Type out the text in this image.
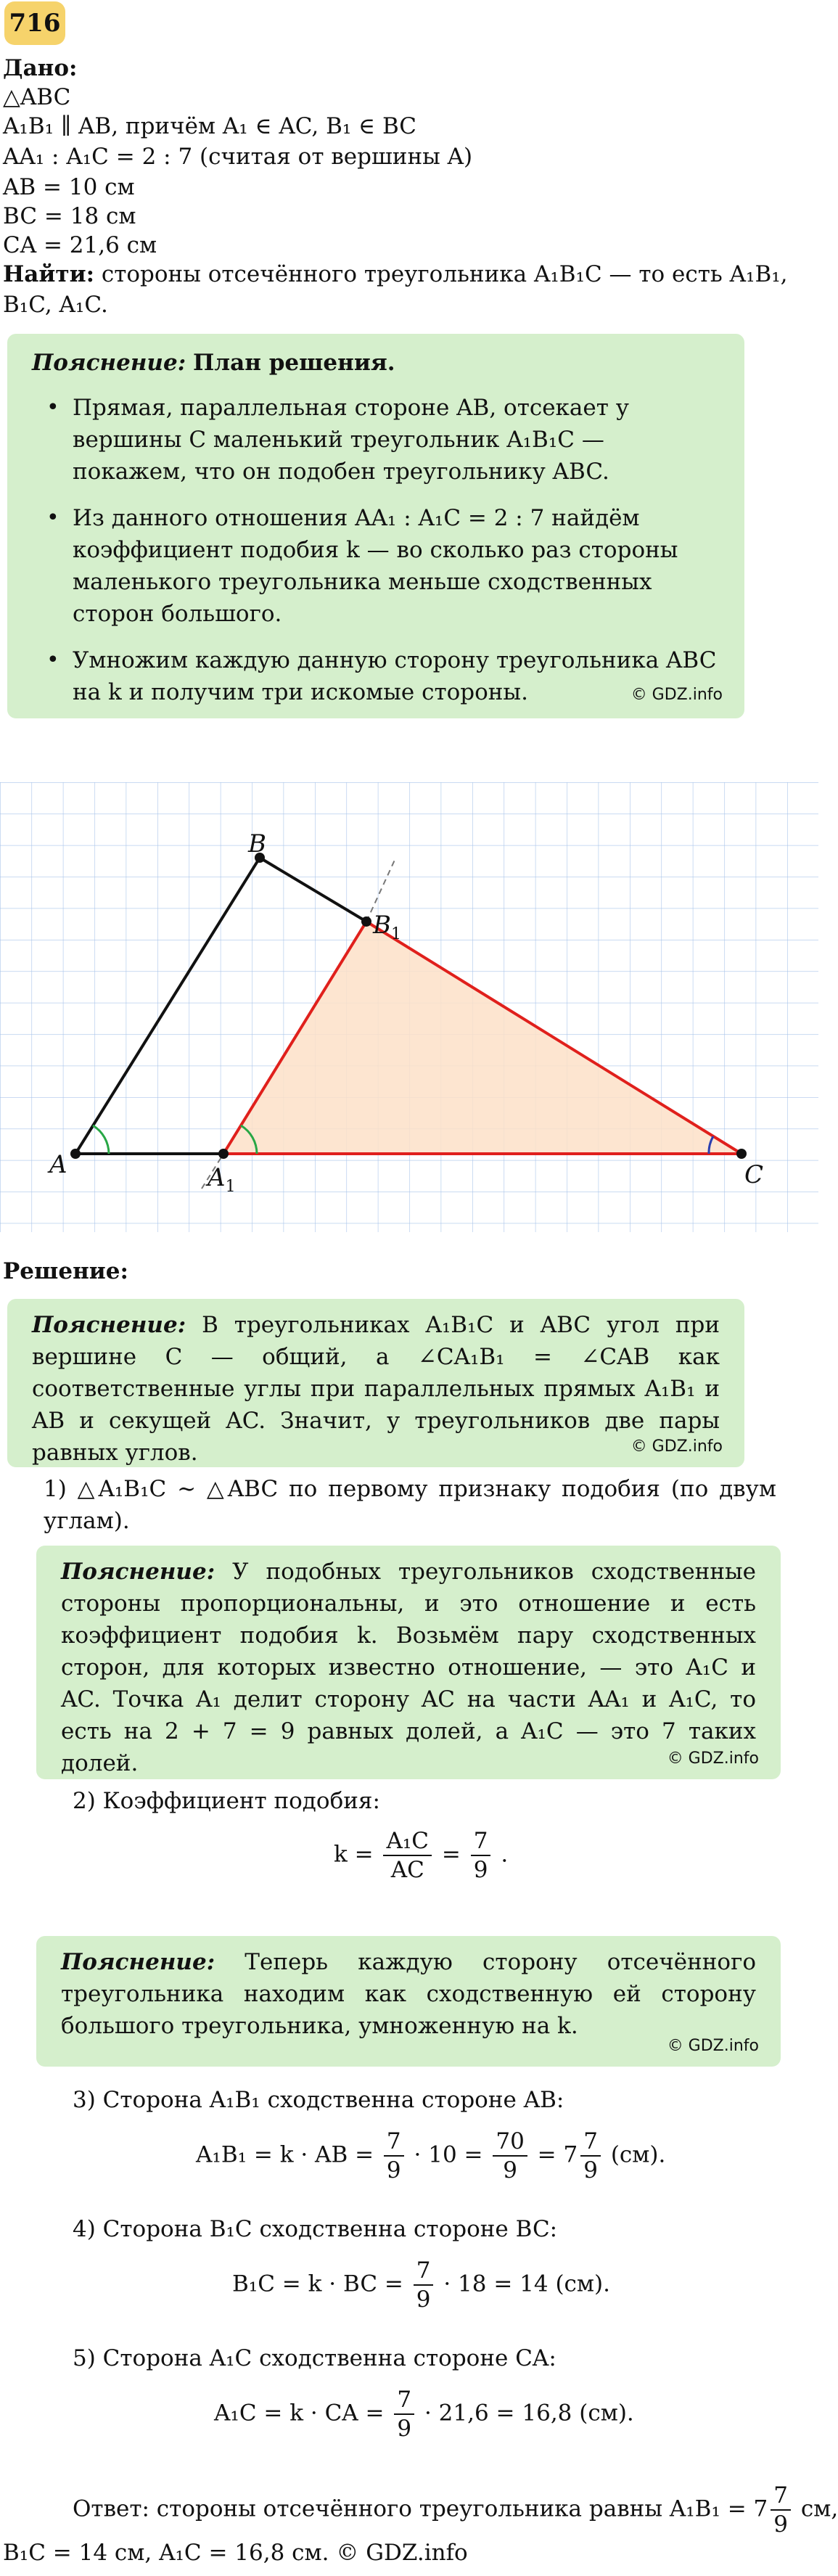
716
Дано:
△ABC
A₁B₁ ∥ AB, причём A₁ ∈ AC, B₁ ∈ BC
AA₁ : A₁C = 2 : 7 (считая от вершины A)
AB = 10 см
BC = 18 см
CA = 21,6 см
Найти: стороны отсечённого треугольника A₁B₁C — то есть A₁B₁,
B₁C, A₁C.
Пояснение: План решения.
• Прямая, параллельная стороне AB, отсекает у вершины C маленький треугольник A₁B₁C — покажем, что он подобен треугольнику ABC.
• Из данного отношения AA₁ : A₁C = 2 : 7 найдём коэффициент подобия k — во сколько раз стороны маленького треугольника меньше сходственных сторон большого.
• Умножим каждую данную сторону треугольника ABC на k и получим три искомые стороны.	© GDZ.info
A
B
C
$A_1$
$B_1$
Решение:
Пояснение: В треугольниках A₁B₁C и ABC угол при вершине C — общий, а ∠CA₁B₁ = ∠CAB как соответственные углы при параллельных прямых A₁B₁ и AB и секущей AC. Значит, у треугольников две пары равных углов.	© GDZ.info
1) △A₁B₁C ∼ △ABC по первому признаку подобия (по двум углам).
Пояснение: У подобных треугольников сходственные стороны пропорциональны, и это отношение и есть коэффициент подобия k. Возьмём пару сходственных сторон, для которых известно отношение, — это A₁C и AC. Точка A₁ делит сторону AC на части AA₁ и A₁C, то есть на 2 + 7 = 9 равных долей, а A₁C — это 7 таких долей.	© GDZ.info
2) Коэффициент подобия:
$k = \frac{\text{A₁C}}{AC} = \frac{7}{9}$ .
Пояснение: Теперь каждую сторону отсечённого треугольника находим как сходственную ей сторону большого треугольника, умноженную на k.
© GDZ.info
3) Сторона A₁B₁ сходственна стороне AB:
A₁B₁ = k · AB = $\frac{7}{9} \cdot 10 = \frac{70}{9} = 7 \frac{7}{9} (см)$.
4) Сторона B₁C сходственна стороне BC:
B₁C = k · BC = $\frac{7}{9} \cdot 18 = 14$ (см).
5) Сторона A₁C сходственна стороне CA:
A₁C = k · CA = $\frac{7}{9} \cdot 21,6 = 16,8$ (см).
Ответ: стороны отсечённого треугольника равны $A_1B_1 = 7 \frac{7}{9}$ см,
B₁C = 14 см, A₁C = 16,8 см. © GDZ.info
